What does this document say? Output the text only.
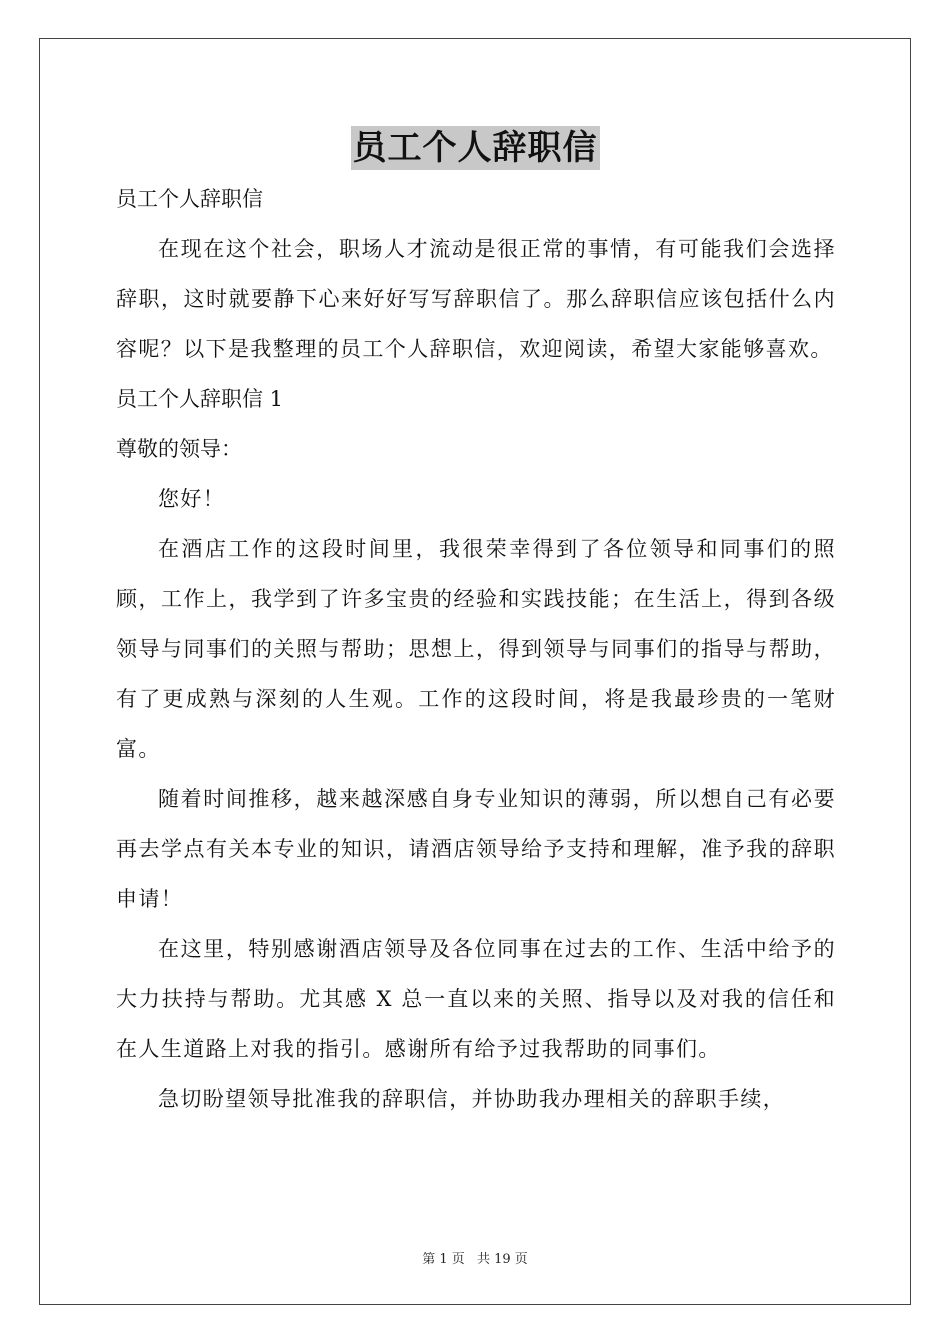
员工个人辞职信

员工个人辞职信

在现在这个社会，职场人才流动是很正常的事情，有可能我们会选择辞职，这时就要静下心来好好写写辞职信了。那么辞职信应该包括什么内容呢？以下是我整理的员工个人辞职信，欢迎阅读，希望大家能够喜欢。

员工个人辞职信 1

尊敬的领导：

您好！

在酒店工作的这段时间里，我很荣幸得到了各位领导和同事们的照顾，工作上，我学到了许多宝贵的经验和实践技能；在生活上，得到各级领导与同事们的关照与帮助；思想上，得到领导与同事们的指导与帮助，有了更成熟与深刻的人生观。工作的这段时间，将是我最珍贵的一笔财富。

随着时间推移，越来越深感自身专业知识的薄弱，所以想自己有必要再去学点有关本专业的知识，请酒店领导给予支持和理解，准予我的辞职申请！

在这里，特别感谢酒店领导及各位同事在过去的工作、生活中给予的大力扶持与帮助。尤其感 X 总一直以来的关照、指导以及对我的信任和在人生道路上对我的指引。感谢所有给予过我帮助的同事们。

急切盼望领导批准我的辞职信，并协助我办理相关的辞职手续，

第 1 页 共 19 页
